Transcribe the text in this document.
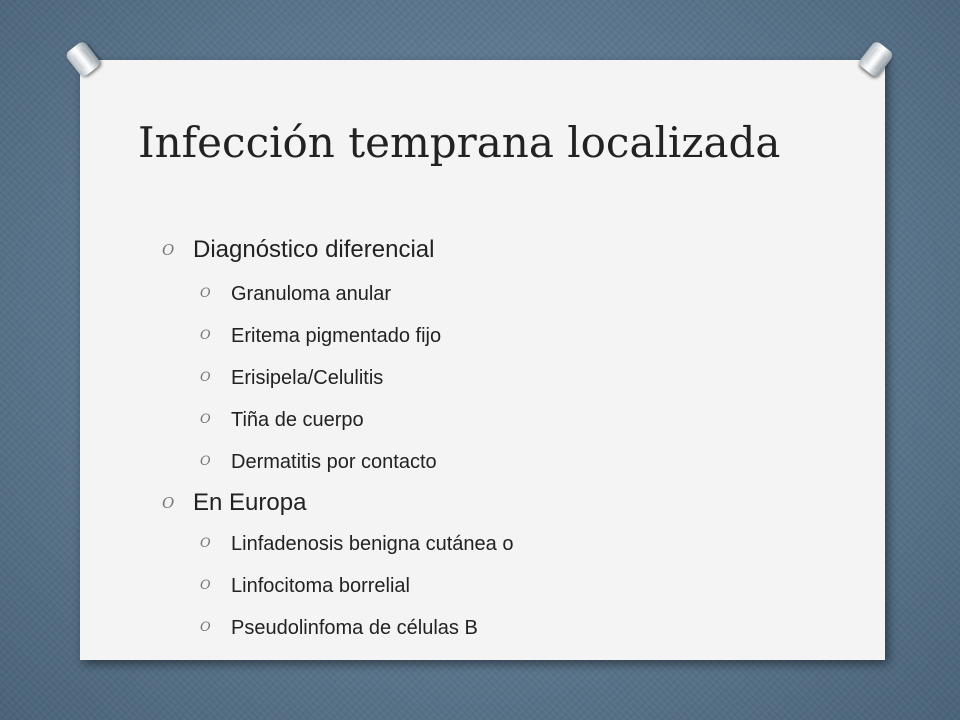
Infección temprana localizada
O Diagnóstico diferencial
O Granuloma anular
O Eritema pigmentado fijo
O Erisipela/Celulitis
O Tiña de cuerpo
O Dermatitis por contacto
O En Europa
O Linfadenosis benigna cutánea o
O Linfocitoma borrelial
O Pseudolinfoma de células B
